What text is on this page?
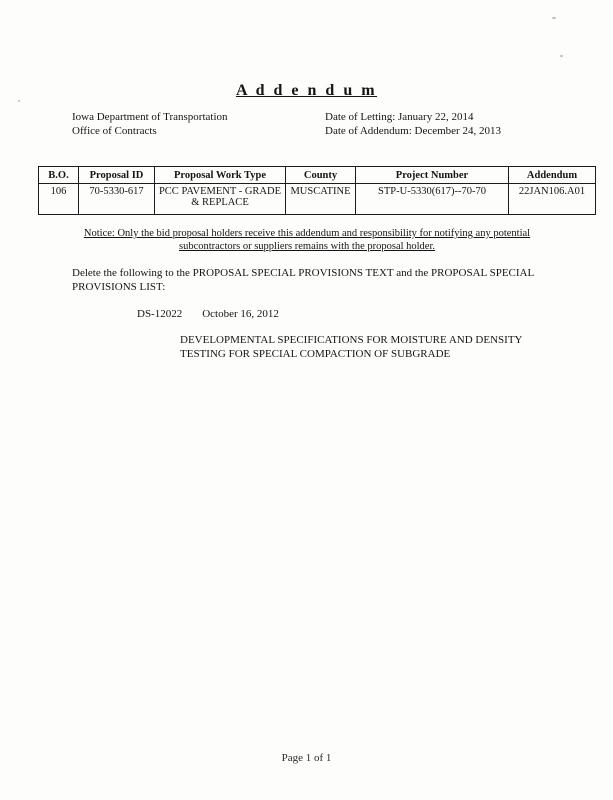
A d d e n d u m
Iowa Department of Transportation
Office of Contracts
Date of Letting: January 22, 2014
Date of Addendum: December 24, 2013
B.O.	Proposal ID	Proposal Work Type	County	Project Number	Addendum
106	70-5330-617	PCC PAVEMENT - GRADE & REPLACE	MUSCATINE	STP-U-5330(617)--70-70	22JAN106.A01
Notice: Only the bid proposal holders receive this addendum and responsibility for notifying any potential subcontractors or suppliers remains with the proposal holder.
Delete the following to the PROPOSAL SPECIAL PROVISIONS TEXT and the PROPOSAL SPECIAL PROVISIONS LIST:
DS-12022 October 16, 2012
DEVELOPMENTAL SPECIFICATIONS FOR MOISTURE AND DENSITY TESTING FOR SPECIAL COMPACTION OF SUBGRADE
Page 1 of 1
